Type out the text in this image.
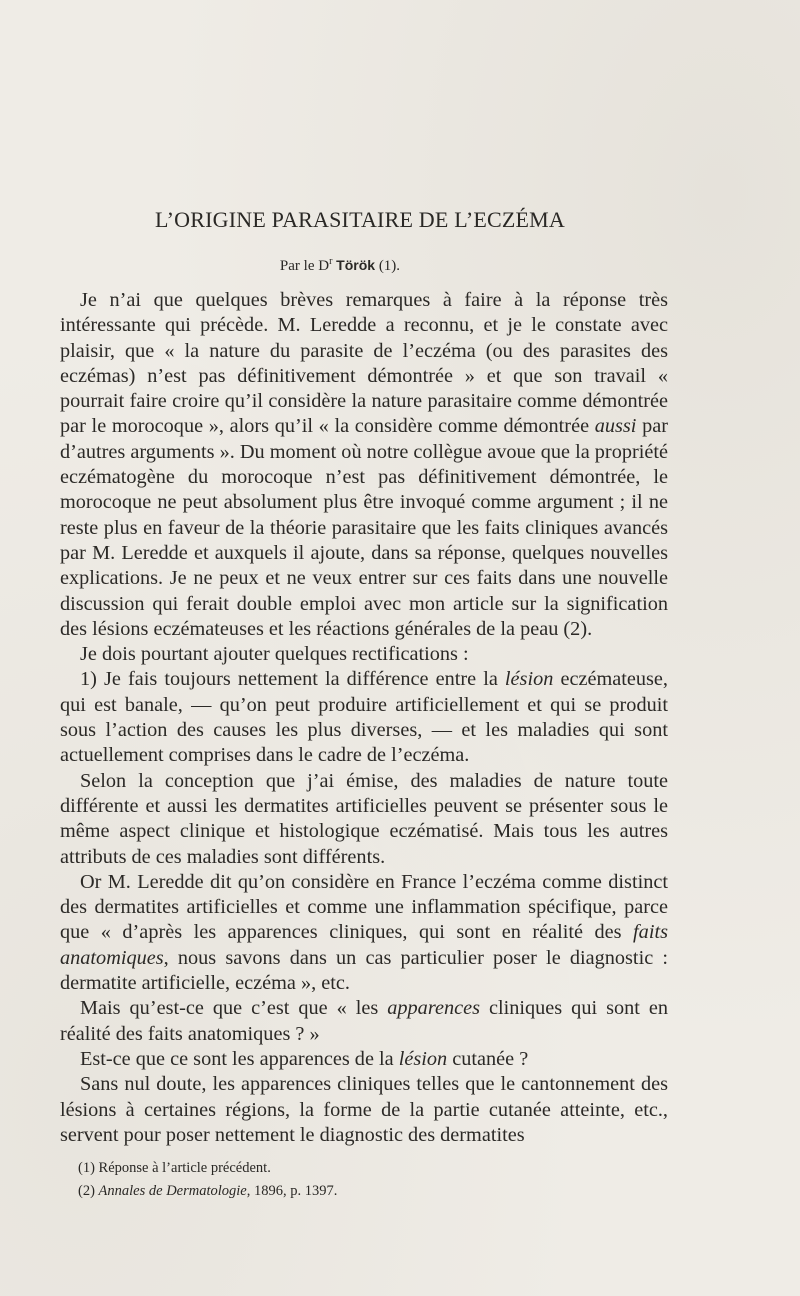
L’ORIGINE PARASITAIRE DE L’ECZÉMA
Par le $D^r$ Török (1).

Je n’ai que quelques brèves remarques à faire à la réponse très intéressante qui précède. M. Leredde a reconnu, et je le constate avec plaisir, que « la nature du parasite de l’eczéma (ou des parasites des eczémas) n’est pas définitivement démontrée » et que son travail « pourrait faire croire qu’il considère la nature parasitaire comme démontrée par le morocoque », alors qu’il « la considère comme démontrée aussi par d’autres arguments ». Du moment où notre collègue avoue que la propriété eczématogène du morocoque n’est pas définitivement démontrée, le morocoque ne peut absolument plus être invoqué comme argument ; il ne reste plus en faveur de la théorie parasitaire que les faits cliniques avancés par M. Leredde et auxquels il ajoute, dans sa réponse, quelques nouvelles explications. Je ne peux et ne veux entrer sur ces faits dans une nouvelle discussion qui ferait double emploi avec mon article sur la signification des lésions eczémateuses et les réactions générales de la peau (2).

Je dois pourtant ajouter quelques rectifications :

1) Je fais toujours nettement la différence entre la lésion eczémateuse, qui est banale, — qu’on peut produire artificiellement et qui se produit sous l’action des causes les plus diverses, — et les maladies qui sont actuellement comprises dans le cadre de l’eczéma.

Selon la conception que j’ai émise, des maladies de nature toute différente et aussi les dermatites artificielles peuvent se présenter sous le même aspect clinique et histologique eczématisé. Mais tous les autres attributs de ces maladies sont différents.

Or M. Leredde dit qu’on considère en France l’eczéma comme distinct des dermatites artificielles et comme une inflammation spécifique, parce que « d’après les apparences cliniques, qui sont en réalité des faits anatomiques, nous savons dans un cas particulier poser le diagnostic : dermatite artificielle, eczéma », etc.

Mais qu’est-ce que c’est que « les apparences cliniques qui sont en réalité des faits anatomiques ? »

Est-ce que ce sont les apparences de la lésion cutanée ?

Sans nul doute, les apparences cliniques telles que le cantonnement des lésions à certaines régions, la forme de la partie cutanée atteinte, etc., servent pour poser nettement le diagnostic des dermatites

(1) Réponse à l’article précédent.
(2) Annales de Dermatologie, 1896, p. 1397.
